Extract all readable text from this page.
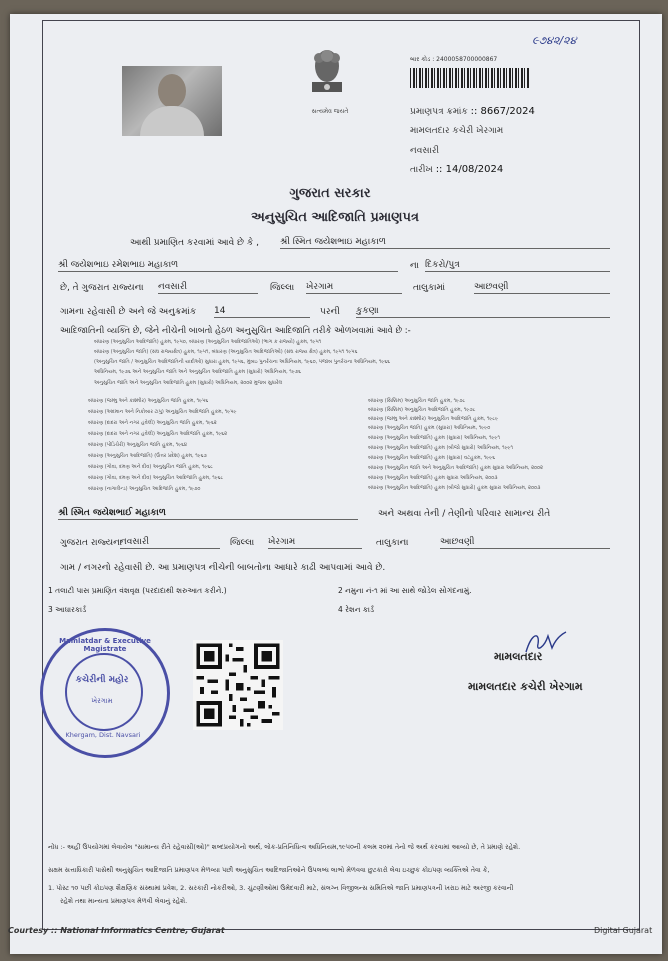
૯૭૪૨/૨૪
સત્યમેવ જયતે
બાર કોડ : 2400058700000867
પ્રમાણપત્ર ક્રમાંક :: 8667/2024
મામલતદાર કચેરી ખેરગામ
નવસારી
તારીખ :: 14/08/2024
ગુજરાત સરકાર
અનુસુચિત આદિજાતિ પ્રમાણપત્ર
આથી પ્રમાણિત કરવામાં આવે છે કે , શ્રી સ્મિત જયેશભાઇ મહાકાળ
શ્રી જયેશભાઇ રમેશભાઇ મહાકાળ	ના દિકરો/પુત્ર
છે, તે ગુજરાત રાજ્યના નવસારી	જિલ્લા ખેરગામ	તાલુકામાં	આછવણી
ગામના રહેવાસી છે અને જે અનુક્રમાંક 14	પરની કુકણા
આદિજાતિની વ્યક્તિ છે, જેને નીચેની બાબતો હેઠળ અનુસુચિત આદિજાતિ તરીકે ઓળખવામાં આવે છે :-
બંધારણ (અનુસુચિત આદિજાતિ) હુકમ, ૧૯૫૦, બંધારણ (અનુસુચિત આદિજાતિઓ) (ભાગ ક રાજ્યો) હુકમ, ૧૯૫૧
બંધારણ (અનુસુચિત જાતિ) (સંઘ રાજ્યક્ષેત્ર) હુકમ, ૧૯૫૧, બંધારણ (અનુસુચિત આદિજાતિઓ) (સંઘ રાજ્ય ક્ષેત્ર) હુકમ, ૧૯૫૧ ૧૯૫૬
(અનુસુચિત જાતિ / અનુસુચિત આદિજાતિની યાદીઓ) સુધારા હુકમ, ૧૯૫૬, મુંબઇ પુનર્રચના અધિનિયમ, ૧૯૬૦, પંજાબ પુનર્રચના અધિનિયમ, ૧૯૬૬
અધિનિયમ, ૧૯૭૬ અને અનુસુચિત જાતિ અને અનુસુચિત આદિજાતિ હુકમ (સુધારો) અધિનિયમ, ૧૯૭૬
અનુસુચિત જાતિ અને અનુસુચિત આદિજાતિ હુકમ (સુધારો) અધિનિયમ, ૨૦૦૨ મુજબ સુધારેલ
બંધારણ (જમ્મુ અને કાશ્મીર) અનુસુચિત જાતિ હુકમ, ૧૯૫૬
બંધારણ (અંદમાન અને નિકોબાર ટાપુ) અનુસુચિત આદિજાતિ હુકમ, ૧૯૫૯
બંધારણ (દાદરા અને નગર હવેલી) અનુસુચિત જાતિ હુકમ, ૧૯૬૨
બંધારણ (દાદરા અને નગર હવેલી) અનુસુચિત આદિજાતિ હુકમ, ૧૯૬૨
બંધારણ (પોંડિચેરી) અનુસુચિત જાતિ હુકમ, ૧૯૬૪
બંધારણ (અનુસુચિત આદિજાતિ) (ઉત્તર પ્રદેશ) હુકમ, ૧૯૬૭
બંધારણ (ગોવા, દમણ અને દીવ) અનુસુચિત જાતિ હુકમ, ૧૯૬૮
બંધારણ (ગોવા, દમણ અને દીવ) અનુસુચિત આદિજાતિ હુકમ, ૧૯૬૮
બંધારણ (નાગાલેન્ડ) અનુસુચિત આદિજાતિ હુકમ, ૧૯૭૦
બંધારણ (સિક્કિમ) અનુસુચિત જાતિ હુકમ, ૧૯૭૮
બંધારણ (સિક્કિમ) અનુસુચિત આદિજાતિ હુકમ, ૧૯૭૮
બંધારણ (જમ્મુ અને કાશ્મીર) અનુસુચિત આદિજાતિ હુકમ, ૧૯૮૯
બંધારણ (અનુસુચિત જાતિ) હુકમ (સુધારા) અધિનિયમ, ૧૯૯૦
બંધારણ (અનુસુચિત આદિજાતિ) હુકમ (સુધારા) અધિનિયમ, ૧૯૯૧
બંધારણ (અનુસુચિત આદિજાતિ) હુકમ (બીજો સુધારો) અધિનિયમ, ૧૯૯૧
બંધારણ (અનુસુચિત આદિજાતિ) હુકમ (સુધારા) વટહુકમ, ૧૯૯૬
બંધારણ (અનુસુચિત જાતિ અને અનુસુચિત આદિજાતિ) હુકમ સુધારા અધિનિયમ, ૨૦૦૨
બંધારણ (અનુસુચિત આદિજાતિ) હુકમ સુધારા અધિનિયમ, ૨૦૦૩
બંધારણ (અનુસુચિત આદિજાતિ) હુકમ (બીજો સુધારો) હુકમ સુધારા અધિનિયમ, ૨૦૦૩
શ્રી સ્મિત જયેશભાઈ મહાકાળ	અને અથવા તેની / તેણીનો પરિવાર સામાન્ય રીતે
ગુજરાત રાજ્યના
નવસારી	જિલ્લા ખેરગામ	તાલુકાના	આછવણી
ગામ / નગરનો રહેવાસી છે. આ પ્રમાણપત્ર નીચેની બાબતોના આધારે કાઢી આપવામાં આવે છે.
1 તલાટી પાસ પ્રમાણિત વંશવૃક્ષ (પરદાદાથી શરુઆત કરીને.)	2 નમુના નં-૧ માં આ સાથે જોડેલ સોગંદનામું.
3 આધારકાર્ડ	4 રેશન કાર્ડ
Mamlatdar & Executive Magistrate
કચેરીની મહોર
ખેરગામ
Khergam, Dist. Navsari
મામલતદાર
મામલતદાર કચેરી ખેરગામ
નોંધ :- અહીં ઉપયોગમાં લેવાયેલ "સામાન્ય રીતે રહેવાસી(ઓ)" શબ્દપ્રયોગનો અર્થ, લોક-પ્રતિનિધિત્વ અધિનિયમ,૧૯૫૦ની કલમ ૨૦માં તેનો જે અર્થ કરવામાં આવ્યો છે, તે પ્રમાણે રહેશે.
સક્ષમ સત્તાધિકારી પાસેથી અનુસુચિત આદિજાતિ પ્રમાણપત્ર મેળવ્યા પછી અનુસુચિત આદિજાતિઓને ઉપલબ્ધ લાભો મેળવવા છુટકારો લેવા ઇચ્છુક કોઇપણ વ્યક્તિએ તેવા કે,
1. પોસ્ટ ૧૦ પછી કોઇપણ શૈક્ષણિક સંસ્થામાં પ્રવેશ, 2. સરકારી નોકરીઓ, 3. ચુંટણીઓમાં ઉમેદવારી માટે, સંલગ્ન વિજીલન્સ સમિતિએ જાતિ પ્રમાણપત્રની ખરાઇ માટે અરજી કરવાની
રહેશે તથા માન્યતા પ્રમાણપત્ર મેળવી લેવાનું રહેશે.
Courtesy :: National Informatics Centre, Gujarat	Digital Gujarat
